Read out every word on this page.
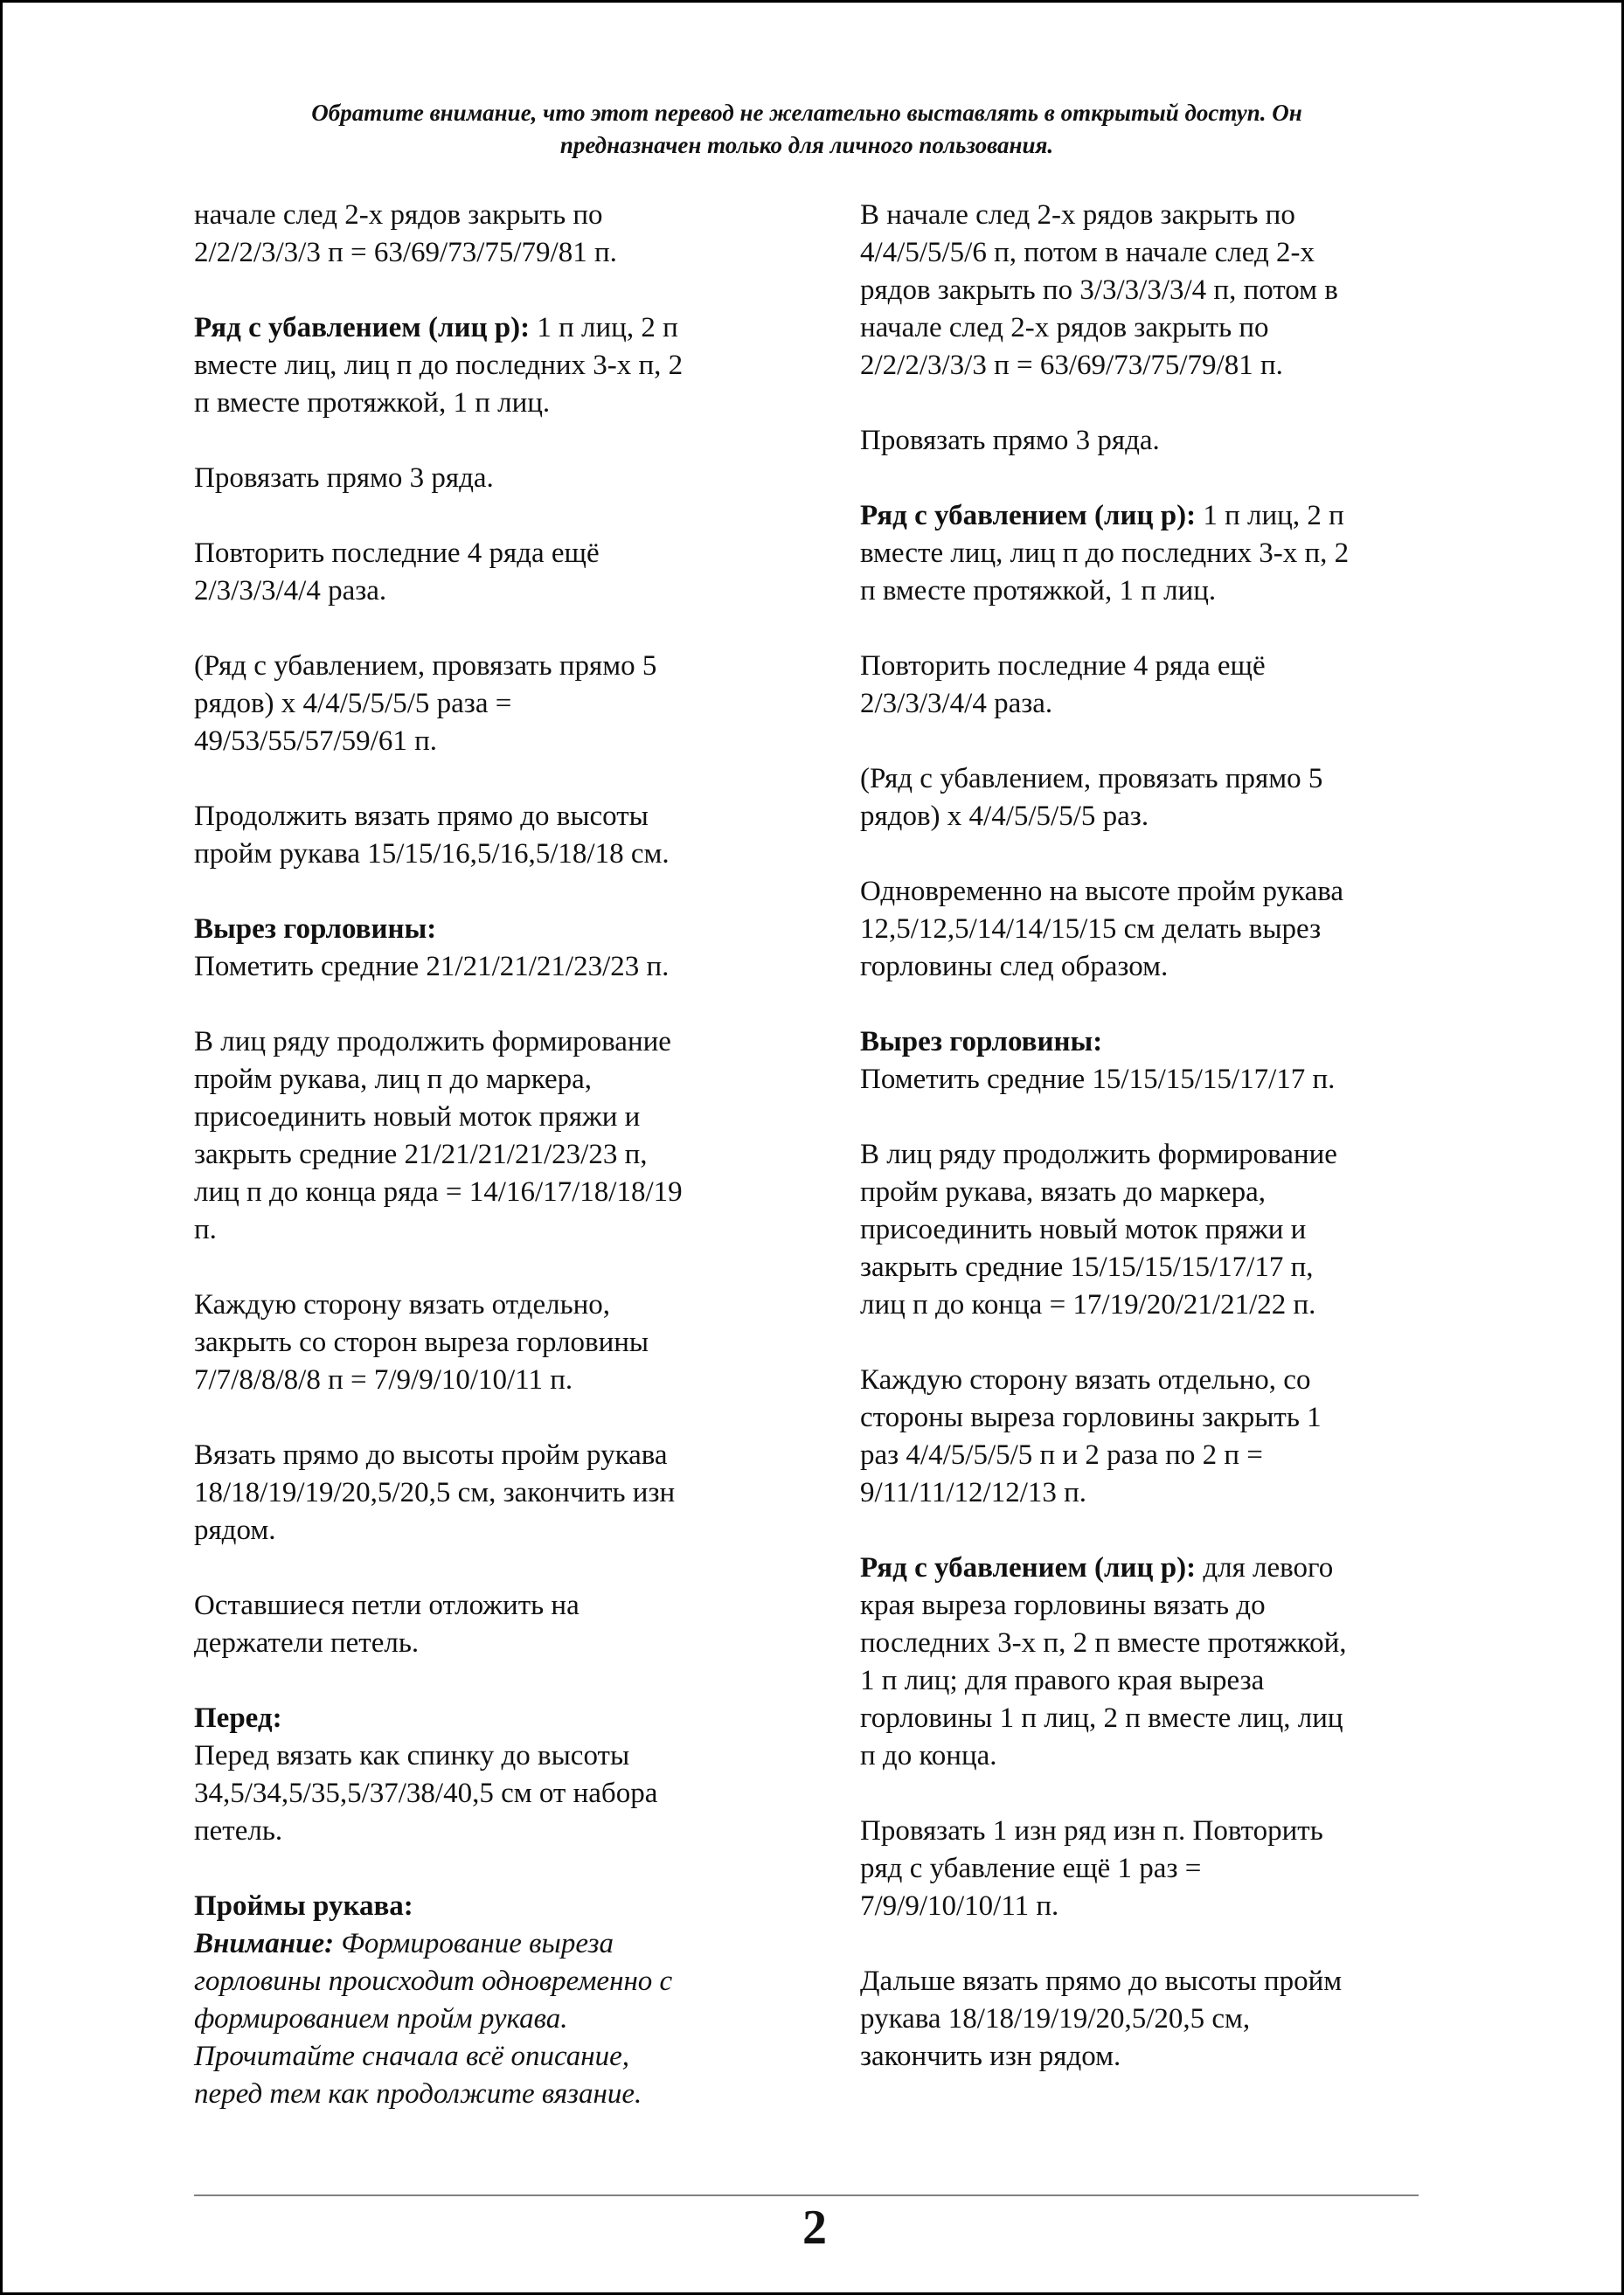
Обратите внимание, что этот перевод не желательно выставлять в открытый доступ. Он
предназначен только для личного пользования.

начале след 2-х рядов закрыть по
2/2/2/3/3/3 п = 63/69/73/75/79/81 п.

Ряд с убавлением (лиц р): 1 п лиц, 2 п
вместе лиц, лиц п до последних 3-х п, 2
п вместе протяжкой, 1 п лиц.

Провязать прямо 3 ряда.

Повторить последние 4 ряда ещё
2/3/3/3/4/4 раза.

(Ряд с убавлением, провязать прямо 5
рядов) х 4/4/5/5/5/5 раза =
49/53/55/57/59/61 п.

Продолжить вязать прямо до высоты
пройм рукава 15/15/16,5/16,5/18/18 см.

Вырез горловины:
Пометить средние 21/21/21/21/23/23 п.

В лиц ряду продолжить формирование
пройм рукава, лиц п до маркера,
присоединить новый моток пряжи и
закрыть средние 21/21/21/21/23/23 п,
лиц п до конца ряда = 14/16/17/18/18/19
п.

Каждую сторону вязать отдельно,
закрыть со сторон выреза горловины
7/7/8/8/8/8 п = 7/9/9/10/10/11 п.

Вязать прямо до высоты пройм рукава
18/18/19/19/20,5/20,5 см, закончить изн
рядом.

Оставшиеся петли отложить на
держатели петель.

Перед:
Перед вязать как спинку до высоты
34,5/34,5/35,5/37/38/40,5 см от набора
петель.

Проймы рукава:
Внимание: Формирование выреза
горловины происходит одновременно с
формированием пройм рукава.
Прочитайте сначала всё описание,
перед тем как продолжите вязание.

В начале след 2-х рядов закрыть по
4/4/5/5/5/6 п, потом в начале след 2-х
рядов закрыть по 3/3/3/3/3/4 п, потом в
начале след 2-х рядов закрыть по
2/2/2/3/3/3 п = 63/69/73/75/79/81 п.

Провязать прямо 3 ряда.

Ряд с убавлением (лиц р): 1 п лиц, 2 п
вместе лиц, лиц п до последних 3-х п, 2
п вместе протяжкой, 1 п лиц.

Повторить последние 4 ряда ещё
2/3/3/3/4/4 раза.

(Ряд с убавлением, провязать прямо 5
рядов) х 4/4/5/5/5/5 раз.

Одновременно на высоте пройм рукава
12,5/12,5/14/14/15/15 см делать вырез
горловины след образом.

Вырез горловины:
Пометить средние 15/15/15/15/17/17 п.

В лиц ряду продолжить формирование
пройм рукава, вязать до маркера,
присоединить новый моток пряжи и
закрыть средние 15/15/15/15/17/17 п,
лиц п до конца = 17/19/20/21/21/22 п.

Каждую сторону вязать отдельно, со
стороны выреза горловины закрыть 1
раз 4/4/5/5/5/5 п и 2 раза по 2 п =
9/11/11/12/12/13 п.

Ряд с убавлением (лиц р): для левого
края выреза горловины вязать до
последних 3-х п, 2 п вместе протяжкой,
1 п лиц; для правого края выреза
горловины 1 п лиц, 2 п вместе лиц, лиц
п до конца.

Провязать 1 изн ряд изн п. Повторить
ряд с убавление ещё 1 раз =
7/9/9/10/10/11 п.

Дальше вязать прямо до высоты пройм
рукава 18/18/19/19/20,5/20,5 см,
закончить изн рядом.

2
